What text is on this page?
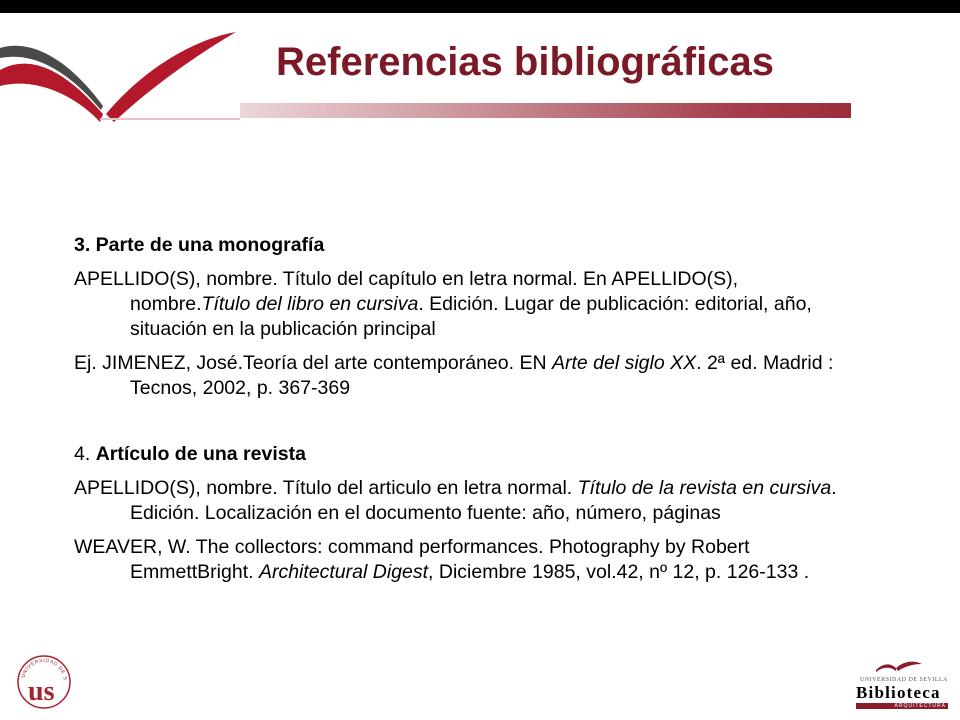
Referencias bibliográficas

3. Parte de una monografía

APELLIDO(S), nombre. Título del capítulo en letra normal. En APELLIDO(S), nombre.Título del libro en cursiva. Edición. Lugar de publicación: editorial, año, situación en la publicación principal

Ej. JIMENEZ, José.Teoría del arte contemporáneo. EN Arte del siglo XX. 2ª ed. Madrid : Tecnos, 2002, p. 367-369

4. Artículo de una revista

APELLIDO(S), nombre. Título del articulo en letra normal. Título de la revista en cursiva. Edición. Localización en el documento fuente: año, número, páginas

WEAVER, W. The collectors: command performances. Photography by Robert EmmettBright. Architectural Digest, Diciembre 1985, vol.42, nº 12, p. 126-133 .

UNIVERSIDAD DE S
us	UNIVERSIDAD DE SEVILLA
Biblioteca
ARQUITECTURA
